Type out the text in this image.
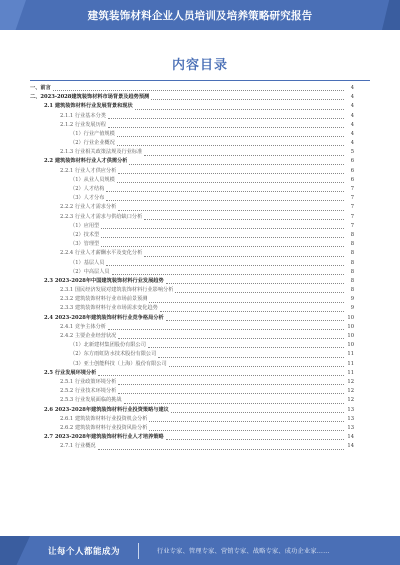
建筑装饰材料企业人员培训及培养策略研究报告
内容目录
一、前言	4
二、2023-2028建筑装饰材料市场背景及趋势预测	4
2.1 建筑装饰材料行业发展背景和现状	4
2.1.1 行业基本分类	4
2.1.2 行业发展历程	4
（1）行业产值规模	4
（2）行业企业概况	4
2.1.3 行业相关政策法规及行业标准	5
2.2 建筑装饰材料行业人才供需分析	6
2.2.1 行业人才供应分析	6
（1）从业人员规模	6
（2）人才结构	7
（3）人才分布	7
2.2.2 行业人才需求分析	7
2.2.3 行业人才需求与供给缺口分析	7
（1）应用型	7
（2）技术型	8
（3）管理型	8
2.2.4 行业人才薪酬水平及变化分析	8
（1）基层人员	8
（2）中高层人员	8
2.3 2023-2028年中国建筑装饰材料行业发展趋势	8
2.3.1 国民经济发展对建筑装饰材料行业影响分析	8
2.3.2 建筑装饰材料行业市场前景预测	9
2.3.3 建筑装饰材料行业市场需求变化趋势	9
2.4 2023-2028年建筑装饰材料行业竞争格局分析	10
2.4.1 竞争主体分析	10
2.4.2 主要企业经营状况	10
（1）北新建材集团股份有限公司	10
（2）东方雨虹防水技术股份有限公司	11
（3）亚士创能科技（上海）股份有限公司	11
2.5 行业发展环境分析	11
2.5.1 行业政策环境分析	12
2.5.2 行业技术环境分析	12
2.5.3 行业发展面临的挑战	12
2.6 2023-2028年建筑装饰材料行业投资策略与建议	13
2.6.1 建筑装饰材料行业投资机会分析	13
2.6.2 建筑装饰材料行业投资风险分析	13
2.7 2023-2028年建筑装饰材料行业人才培养策略	14
2.7.1 行业概况	14
让每个人都能成为	行业专家、管理专家、营销专家、战略专家、成功企业家……
